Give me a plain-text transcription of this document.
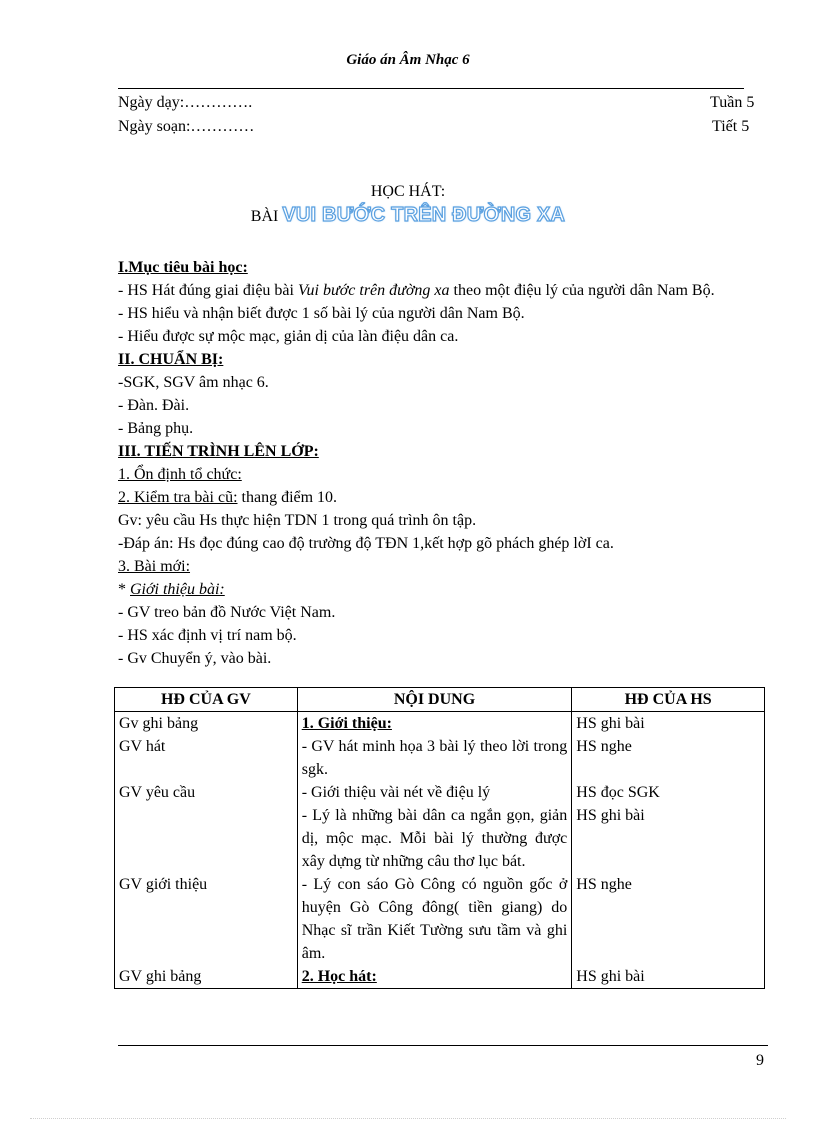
Giáo án Âm Nhạc 6
Ngày dạy:………….	Tuần 5
Ngày soạn:…………	Tiết 5
HỌC HÁT:
BÀI VUI BƯỚC TRÊN ĐƯỜNG XA

I.Mục tiêu bài học:

- HS Hát đúng giai điệu bài Vui bước trên đường xa theo một điệu lý của người dân Nam Bộ.

- HS hiểu và nhận biết được 1 số bài lý của người dân Nam Bộ.

- Hiểu được sự mộc mạc, giản dị của làn điệu dân ca.

II. CHUẨN BỊ:

-SGK, SGV âm nhạc 6.

- Đàn. Đài.

- Bảng phụ.

III. TIẾN TRÌNH LÊN LỚP:

1. Ổn định tổ chức:

2. Kiểm tra bài cũ: thang điểm 10.

Gv: yêu cầu Hs thực hiện TDN 1 trong quá trình ôn tập.

-Đáp án: Hs đọc đúng cao độ trường độ TĐN 1,kết hợp gõ phách ghép lờI ca.

3. Bài mới:

* Giới thiệu bài:

- GV treo bản đồ Nước Việt Nam.

- HS xác định vị trí nam bộ.

- Gv Chuyển ý, vào bài.

HĐ CỦA GV	NỘI DUNG	HĐ CỦA HS
Gv ghi bảng	1. Giới thiệu:	HS ghi bài
GV hát	- GV hát minh họa 3 bài lý theo lời trong sgk.	HS nghe
GV yêu cầu	- Giới thiệu vài nét về điệu lý	HS đọc SGK
	- Lý là những bài dân ca ngắn gọn, giản dị, mộc mạc. Mỗi bài lý thường được xây dựng từ những câu thơ lục bát.	HS ghi bài
GV giới thiệu	- Lý con sáo Gò Công có nguồn gốc ở huyện Gò Công đông( tiền giang) do Nhạc sĩ trần Kiết Tường sưu tầm và ghi âm.	HS nghe
GV ghi bảng	2. Học hát:	HS ghi bài
9
